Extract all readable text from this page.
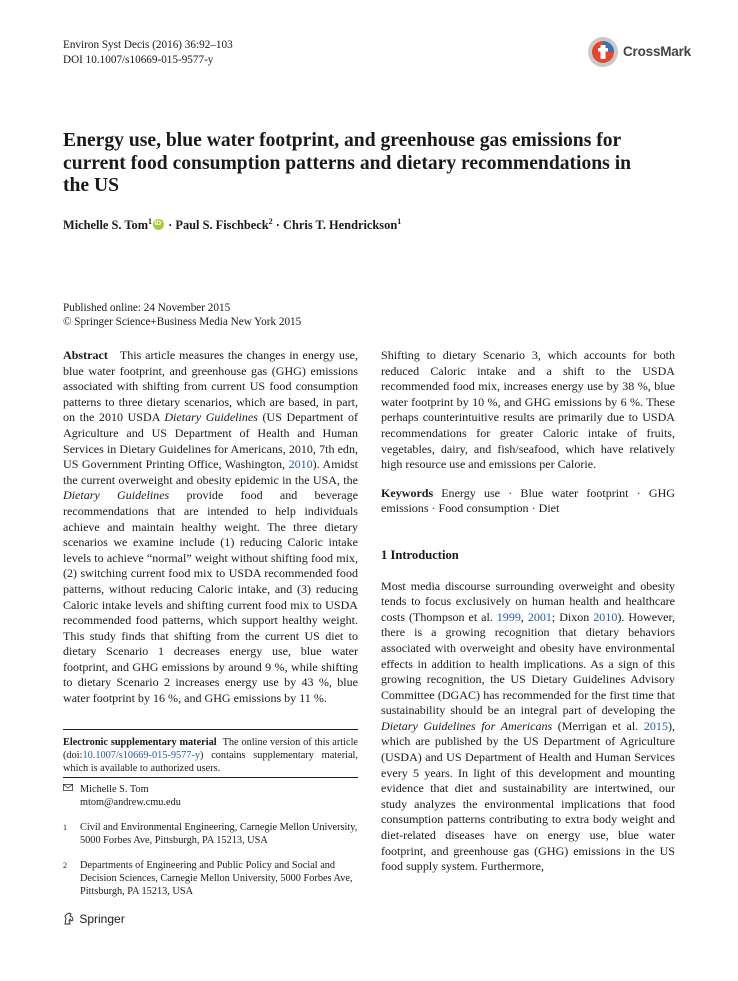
Environ Syst Decis (2016) 36:92–103
DOI 10.1007/s10669-015-9577-y
CrossMark
Energy use, blue water footprint, and greenhouse gas emissions for current food consumption patterns and dietary recommendations in the US
Michelle S. Tom$^1$iD · Paul S. Fischbeck$^2$ · Chris T. Hendrickson$^1$
Published online: 24 November 2015
© Springer Science+Business Media New York 2015

Abstract This article measures the changes in energy use, blue water footprint, and greenhouse gas (GHG) emissions associated with shifting from current US food consumption patterns to three dietary scenarios, which are based, in part, on the 2010 USDA Dietary Guidelines (US Department of Agriculture and US Department of Health and Human Services in Dietary Guidelines for Americans, 2010, 7th edn, US Government Printing Office, Washington, 2010). Amidst the current overweight and obesity epidemic in the USA, the Dietary Guidelines provide food and beverage recommendations that are intended to help individuals achieve and maintain healthy weight. The three dietary scenarios we examine include (1) reducing Caloric intake levels to achieve “normal” weight without shifting food mix, (2) switching current food mix to USDA recommended food patterns, without reducing Caloric intake, and (3) reducing Caloric intake levels and shifting current food mix to USDA recommended food patterns, which support healthy weight. This study finds that shifting from the current US diet to dietary Scenario 1 decreases energy use, blue water footprint, and GHG emissions by around 9 %, while shifting to dietary Scenario 2 increases energy use by 43 %, blue water footprint by 16 %, and GHG emissions by 11 %.

Shifting to dietary Scenario 3, which accounts for both reduced Caloric intake and a shift to the USDA recommended food mix, increases energy use by 38 %, blue water footprint by 10 %, and GHG emissions by 6 %. These perhaps counterintuitive results are primarily due to USDA recommendations for greater Caloric intake of fruits, vegetables, dairy, and fish/seafood, which have relatively high resource use and emissions per Calorie.

Keywords Energy use · Blue water footprint · GHG emissions · Food consumption · Diet

1 Introduction

Most media discourse surrounding overweight and obesity tends to focus exclusively on human health and healthcare costs (Thompson et al. 1999, 2001; Dixon 2010). However, there is a growing recognition that dietary behaviors associated with overweight and obesity have environmental effects in addition to health implications. As a sign of this growing recognition, the US Dietary Guidelines Advisory Committee (DGAC) has recommended for the first time that sustainability should be an integral part of developing the Dietary Guidelines for Americans (Merrigan et al. 2015), which are published by the US Department of Agriculture (USDA) and US Department of Health and Human Services every 5 years. In light of this development and mounting evidence that diet and sustainability are intertwined, our study analyzes the environmental implications that food consumption patterns contributing to extra body weight and diet-related diseases have on energy use, blue water footprint, and greenhouse gas (GHG) emissions in the US food supply system. Furthermore,

Electronic supplementary material The online version of this article (doi:10.1007/s10669-015-9577-y) contains supplementary material, which is available to authorized users.
Michelle S. Tom
mtom@andrew.cmu.edu
1 Civil and Environmental Engineering, Carnegie Mellon University, 5000 Forbes Ave, Pittsburgh, PA 15213, USA
2 Departments of Engineering and Public Policy and Social and Decision Sciences, Carnegie Mellon University, 5000 Forbes Ave, Pittsburgh, PA 15213, USA
Springer
